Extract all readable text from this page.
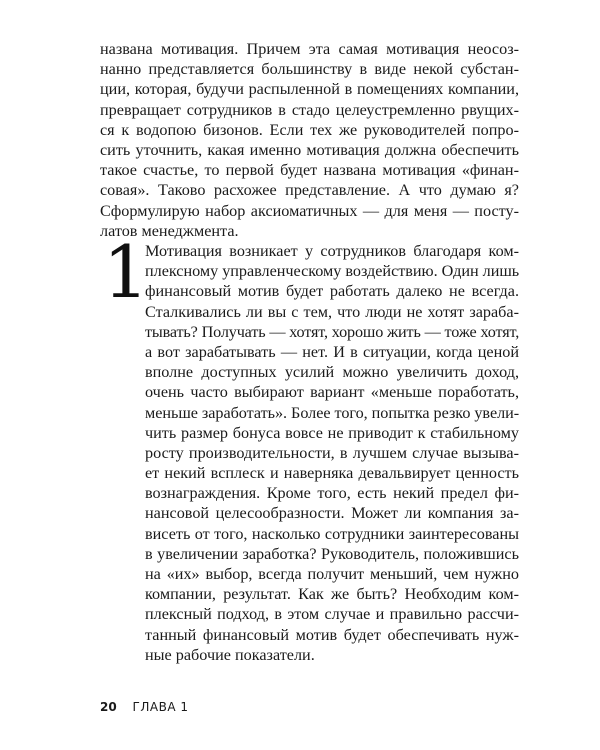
названа мотивация. Причем эта самая мотивация неосоз-
нанно представляется большинству в виде некой субстан-
ции, которая, будучи распыленной в помещениях компании,
превращает сотрудников в стадо целеустремленно рвущих-
ся к водопою бизонов. Если тех же руководителей попро-
сить уточнить, какая именно мотивация должна обеспечить
такое счастье, то первой будет названа мотивация «финан-
совая». Таково расхожее представление. А что думаю я?
Сформулирую набор аксиоматичных — для меня — посту-
латов менеджмента.
1
Мотивация возникает у сотрудников благодаря ком-
плексному управленческому воздействию. Один лишь
финансовый мотив будет работать далеко не всегда.
Сталкивались ли вы с тем, что люди не хотят зараба-
тывать? Получать — хотят, хорошо жить — тоже хотят,
а вот зарабатывать — нет. И в ситуации, когда ценой
вполне доступных усилий можно увеличить доход,
очень часто выбирают вариант «меньше поработать,
меньше заработать». Более того, попытка резко увели-
чить размер бонуса вовсе не приводит к стабильному
росту производительности, в лучшем случае вызыва-
ет некий всплеск и наверняка девальвирует ценность
вознаграждения. Кроме того, есть некий предел фи-
нансовой целесообразности. Может ли компания за-
висеть от того, насколько сотрудники заинтересованы
в увеличении заработка? Руководитель, положившись
на «их» выбор, всегда получит меньший, чем нужно
компании, результат. Как же быть? Необходим ком-
плексный подход, в этом случае и правильно рассчи-
танный финансовый мотив будет обеспечивать нуж-
ные рабочие показатели.
20 ГЛАВА 1
